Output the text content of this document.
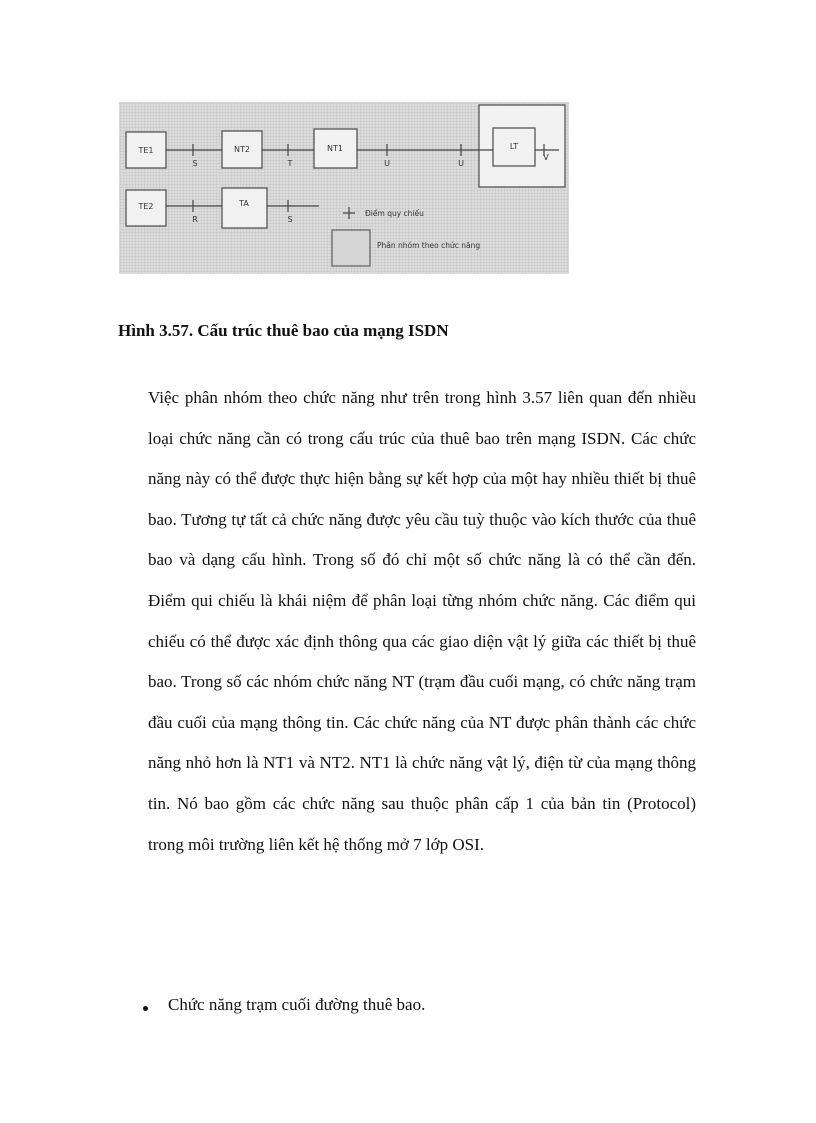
TE1	NT2	NT1	LT
TE2	TA
S	T	U	U
V
R	S
Điểm quy chiếu
Phân nhóm theo chức năng

Hình 3.57. Cấu trúc thuê bao của mạng ISDN

Việc phân nhóm theo chức năng như trên trong hình 3.57 liên quan đến nhiều loại chức năng cần có trong cấu trúc của thuê bao trên mạng ISDN. Các chức năng này có thể được thực hiện bằng sự kết hợp của một hay nhiều thiết bị thuê bao. Tương tự tất cả chức năng được yêu cầu tuỳ thuộc vào kích thước của thuê bao và dạng cấu hình. Trong số đó chỉ một số chức năng là có thể cần đến. Điểm qui chiếu là khái niệm để phân loại từng nhóm chức năng. Các điểm qui chiếu có thể được xác định thông qua các giao diện vật lý giữa các thiết bị thuê bao. Trong số các nhóm chức năng NT (trạm đầu cuối mạng, có chức năng trạm đầu cuối của mạng thông tin. Các chức năng của NT được phân thành các chức năng nhỏ hơn là NT1 và NT2. NT1 là chức năng vật lý, điện từ của mạng thông tin. Nó bao gồm các chức năng sau thuộc phân cấp 1 của bản tin (Protocol) trong môi trường liên kết hệ thống mở 7 lớp OSI.

Chức năng trạm cuối đường thuê bao.
